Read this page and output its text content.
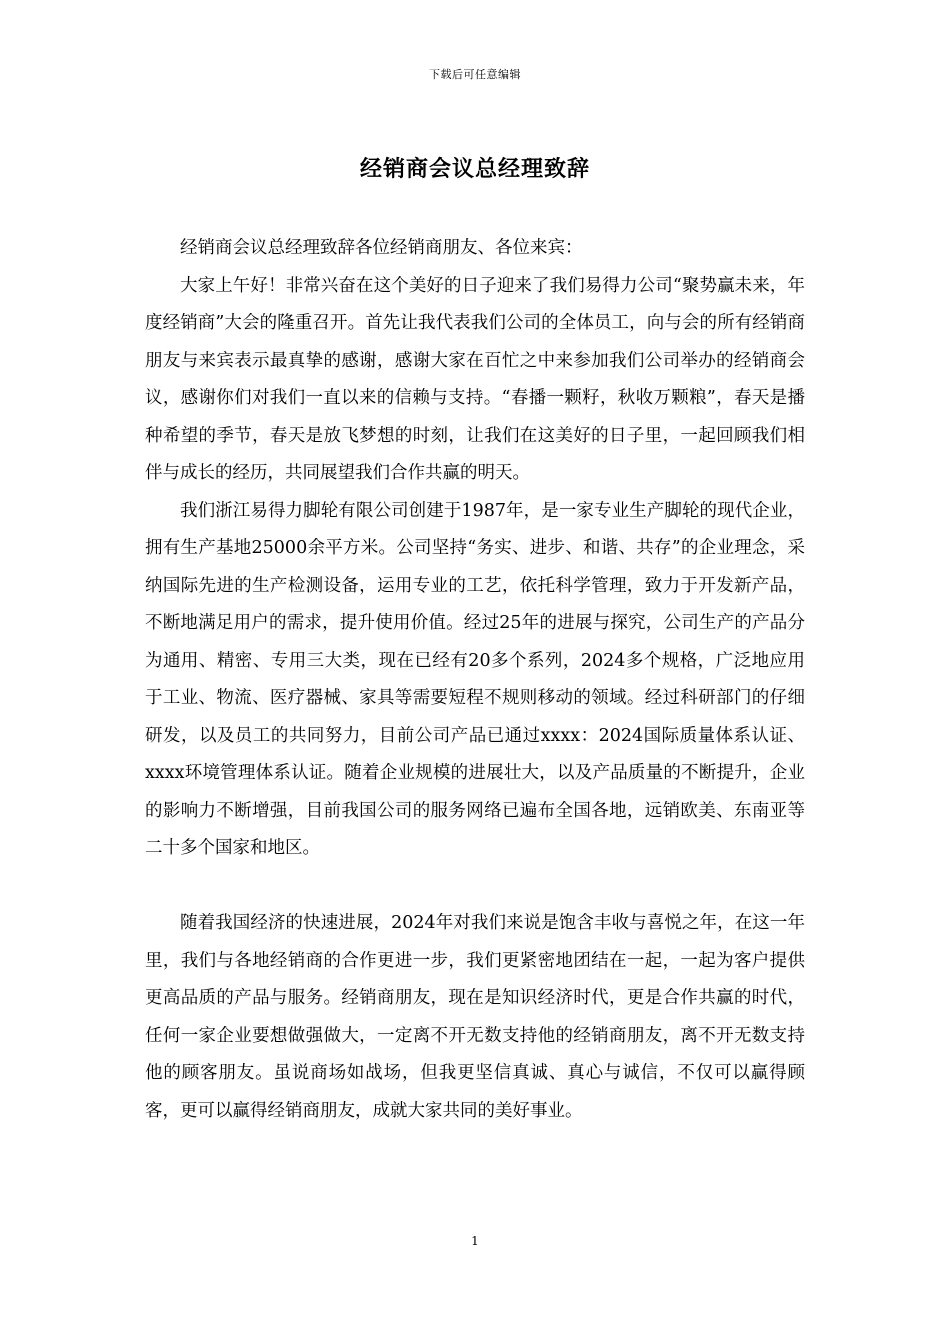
下载后可任意编辑
经销商会议总经理致辞

经销商会议总经理致辞各位经销商朋友、各位来宾：

大家上午好！非常兴奋在这个美好的日子迎来了我们易得力公司“聚势赢未来，年度经销商”大会的隆重召开。首先让我代表我们公司的全体员工，向与会的所有经销商朋友与来宾表示最真挚的感谢，感谢大家在百忙之中来参加我们公司举办的经销商会议，感谢你们对我们一直以来的信赖与支持。“春播一颗籽，秋收万颗粮”，春天是播种希望的季节，春天是放飞梦想的时刻，让我们在这美好的日子里，一起回顾我们相伴与成长的经历，共同展望我们合作共赢的明天。

我们浙江易得力脚轮有限公司创建于1987年，是一家专业生产脚轮的现代企业，拥有生产基地25000余平方米。公司坚持“务实、进步、和谐、共存”的企业理念，采纳国际先进的生产检测设备，运用专业的工艺，依托科学管理，致力于开发新产品，不断地满足用户的需求，提升使用价值。经过25年的进展与探究，公司生产的产品分为通用、精密、专用三大类，现在已经有20多个系列，2024多个规格，广泛地应用于工业、物流、医疗器械、家具等需要短程不规则移动的领域。经过科研部门的仔细研发，以及员工的共同努力，目前公司产品已通过xxxx：2024国际质量体系认证、xxxx环境管理体系认证。随着企业规模的进展壮大，以及产品质量的不断提升，企业的影响力不断增强，目前我国公司的服务网络已遍布全国各地，远销欧美、东南亚等二十多个国家和地区。

随着我国经济的快速进展，2024年对我们来说是饱含丰收与喜悦之年，在这一年里，我们与各地经销商的合作更进一步，我们更紧密地团结在一起，一起为客户提供更高品质的产品与服务。经销商朋友，现在是知识经济时代，更是合作共赢的时代，任何一家企业要想做强做大，一定离不开无数支持他的经销商朋友，离不开无数支持他的顾客朋友。虽说商场如战场，但我更坚信真诚、真心与诚信，不仅可以赢得顾客，更可以赢得经销商朋友，成就大家共同的美好事业。

1
